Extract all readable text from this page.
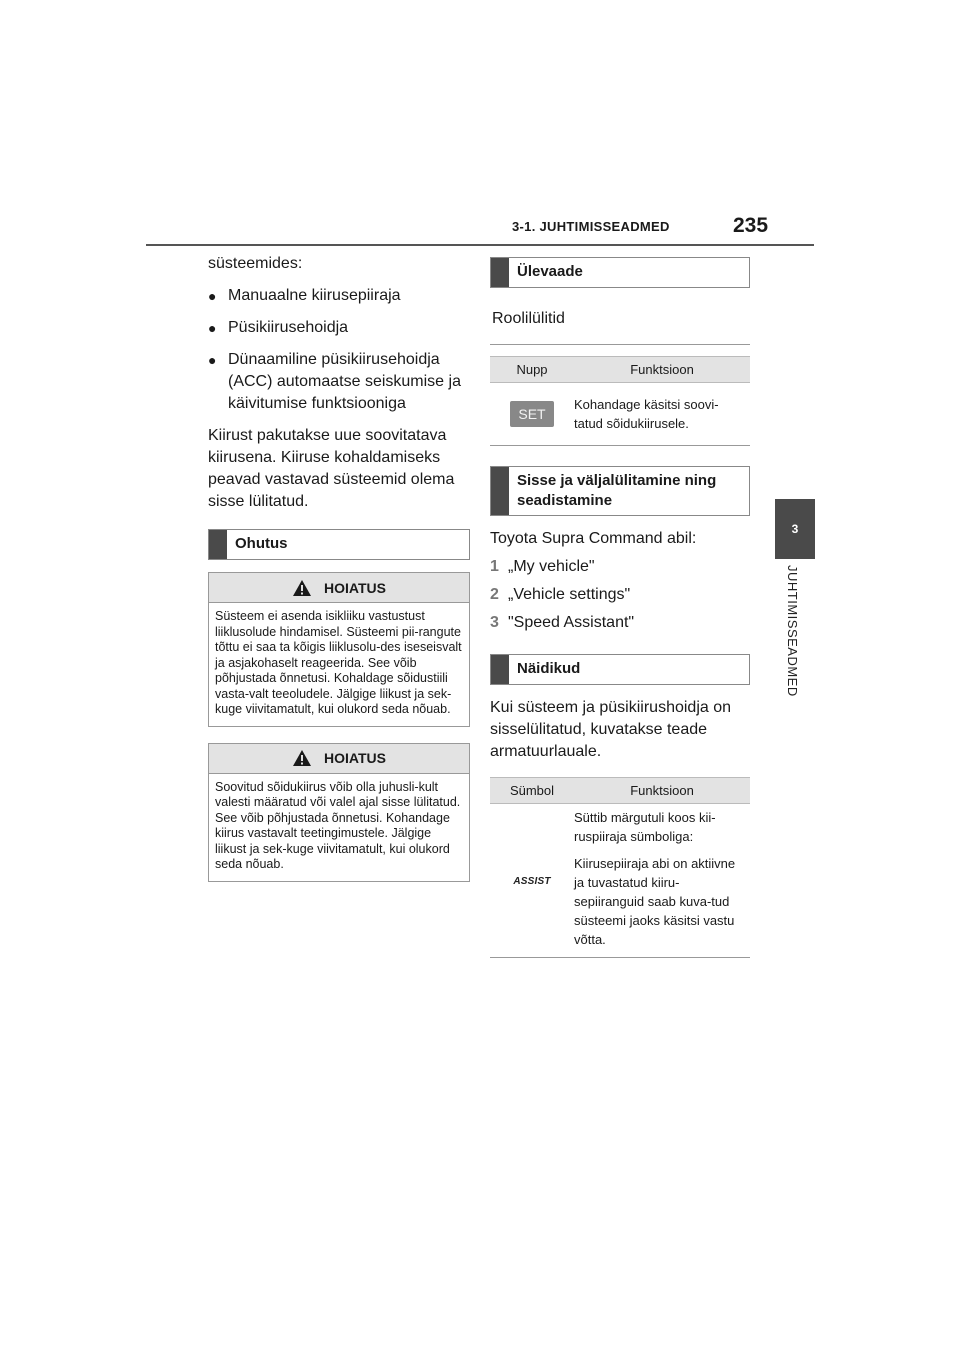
3-1. JUHTIMISSEADMED	235
3
JUHTIMISSEADMED
süsteemides:
● Manuaalne kiirusepiiraja
● Püsikiirusehoidja
● Dünaamiline püsikiirusehoidja (ACC) automaatse seiskumise ja käivitumise funktsiooniga
Kiirust pakutakse uue soovitatava kiirusena. Kiiruse kohaldamiseks peavad vastavad süsteemid olema sisse lülitatud.
Ohutus
HOIATUS
Süsteem ei asenda isikliiku vastustust liiklusolude hindamisel. Süsteemi pii-rangute tõttu ei saa ta kõigis liiklusolu-des iseseisvalt ja asjakohaselt reageerida. See võib põhjustada õnnetusi. Kohaldage sõidustiili vasta-valt teeoludele. Jälgige liikust ja sek-kuge viivitamatult, kui olukord seda nõuab.
HOIATUS
Soovitud sõidukiirus võib olla juhusli-kult valesti määratud või valel ajal sisse lülitatud. See võib põhjustada õnnetusi. Kohandage kiirus vastavalt teetingimustele. Jälgige liikust ja sek-kuge viivitamatult, kui olukord seda nõuab.
Ülevaade
Roolilülitid
Nupp	Funktsioon
SET	Kohandage käsitsi soovi-tatud sõidukiirusele.
Sisse ja väljalülitamine ning seadistamine
Toyota Supra Command abil:
1 „My vehicle"
2 „Vehicle settings"
3 "Speed Assistant"
Näidikud
Kui süsteem ja püsikiirushoidja on sisselülitatud, kuvatakse teade armatuurlauale.
Sümbol	Funktsioon
ASSIST	Süttib märgutuli koos kii-ruspiiraja sümboliga:
Kiirusepiiraja abi on aktiivne ja tuvastatud kiiru-sepiiranguid saab kuva-tud süsteemi jaoks käsitsi vastu võtta.
